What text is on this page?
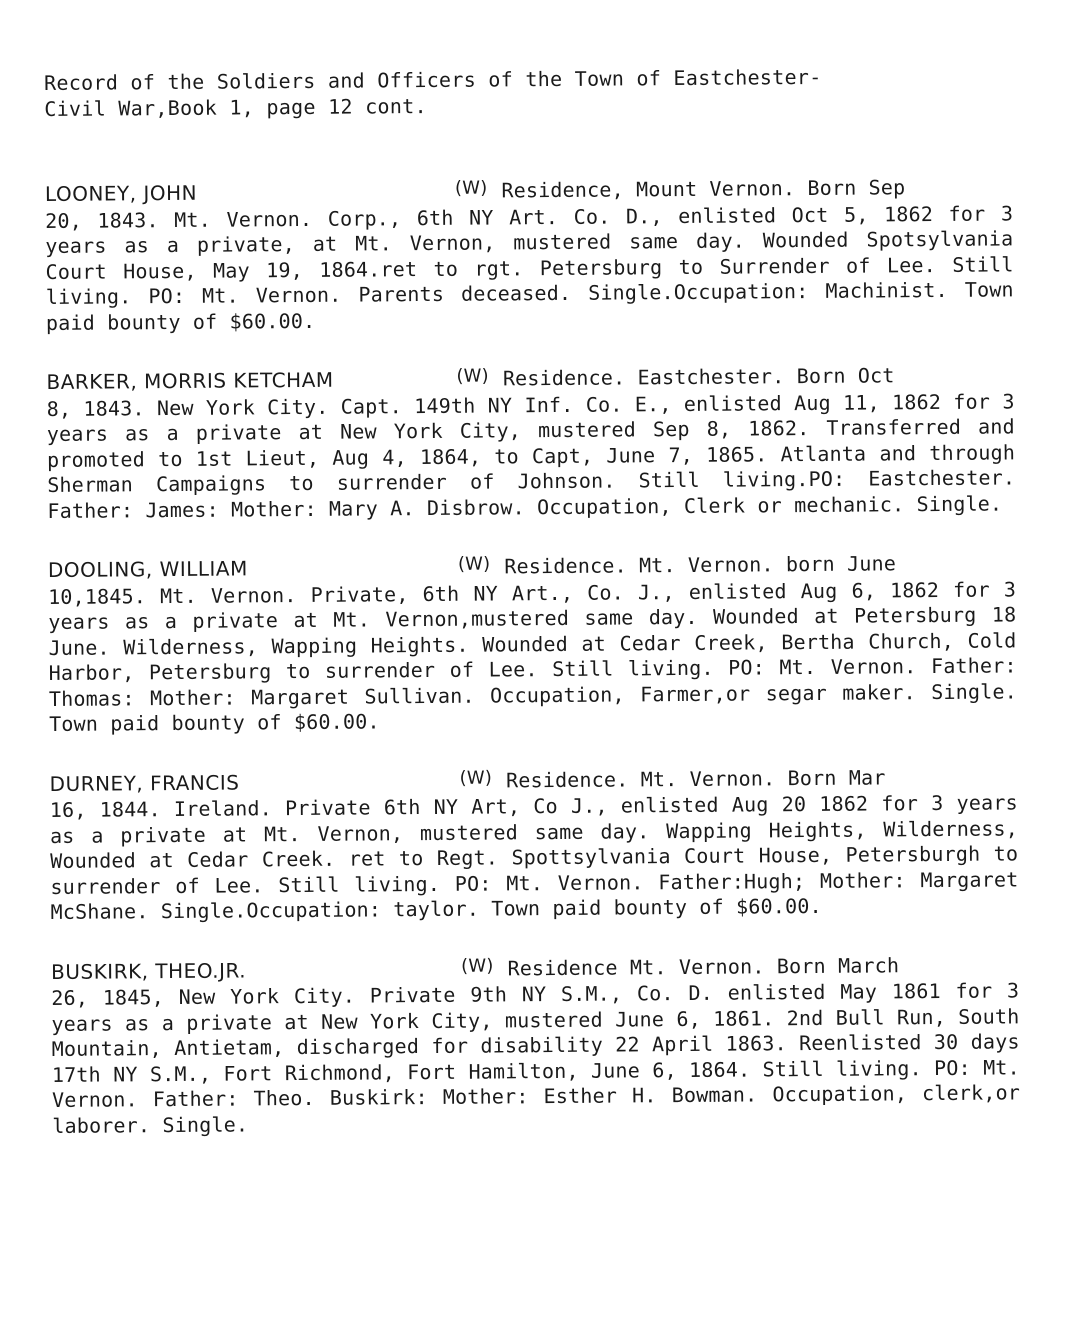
Record of the Soldiers and Officers of the Town of Eastchester-
Civil War,Book 1, page 12 cont.
LOONEY, JOHN	(W) Residence, Mount Vernon. Born Sep
20, 1843. Mt. Vernon. Corp., 6th NY Art. Co. D., enlisted Oct 5, 1862 for 3 years as a private, at Mt. Vernon, mustered same day. Wounded Spotsylvania Court House, May 19, 1864.ret to rgt. Petersburg to Surrender of Lee. Still living. PO: Mt. Vernon. Parents deceased. Single.Occupation: Machinist. Town paid bounty of $60.00.
BARKER, MORRIS KETCHAM	(W) Residence. Eastchester. Born Oct
8, 1843. New York City. Capt. 149th NY Inf. Co. E., enlisted Aug 11, 1862 for 3 years as a private at New York City, mustered Sep 8, 1862. Transferred and promoted to 1st Lieut, Aug 4, 1864, to Capt, June 7, 1865. Atlanta and through Sherman Campaigns to surrender of Johnson. Still living.PO: Eastchester. Father: James: Mother: Mary A. Disbrow. Occupation, Clerk or mechanic. Single.
DOOLING, WILLIAM	(W) Residence. Mt. Vernon. born June
10,1845. Mt. Vernon. Private, 6th NY Art., Co. J., enlisted Aug 6, 1862 for 3 years as a private at Mt. Vernon,mustered same day. Wounded at Petersburg 18 June. Wilderness, Wapping Heights. Wounded at Cedar Creek, Bertha Church, Cold Harbor, Petersburg to surrender of Lee. Still living. PO: Mt. Vernon. Father: Thomas: Mother: Margaret Sullivan. Occupation, Farmer,or segar maker. Single. Town paid bounty of $60.00.
DURNEY, FRANCIS	(W) Residence. Mt. Vernon. Born Mar
16, 1844. Ireland. Private 6th NY Art, Co J., enlisted Aug 20 1862 for 3 years as a private at Mt. Vernon, mustered same day. Wapping Heights, Wilderness, Wounded at Cedar Creek. ret to Regt. Spottsylvania Court House, Petersburgh to surrender of Lee. Still living. PO: Mt. Vernon. Father:Hugh; Mother: Margaret McShane. Single.Occupation: taylor. Town paid bounty of $60.00.
BUSKIRK, THEO.JR.	(W) Residence Mt. Vernon. Born March
26, 1845, New York City. Private 9th NY S.M., Co. D. enlisted May 1861 for 3 years as a private at New York City, mustered June 6, 1861. 2nd Bull Run, South Mountain, Antietam, discharged for disability 22 April 1863. Reenlisted 30 days 17th NY S.M., Fort Richmond, Fort Hamilton, June 6, 1864. Still living. PO: Mt. Vernon. Father: Theo. Buskirk: Mother: Esther H. Bowman. Occupation, clerk,or laborer. Single.
